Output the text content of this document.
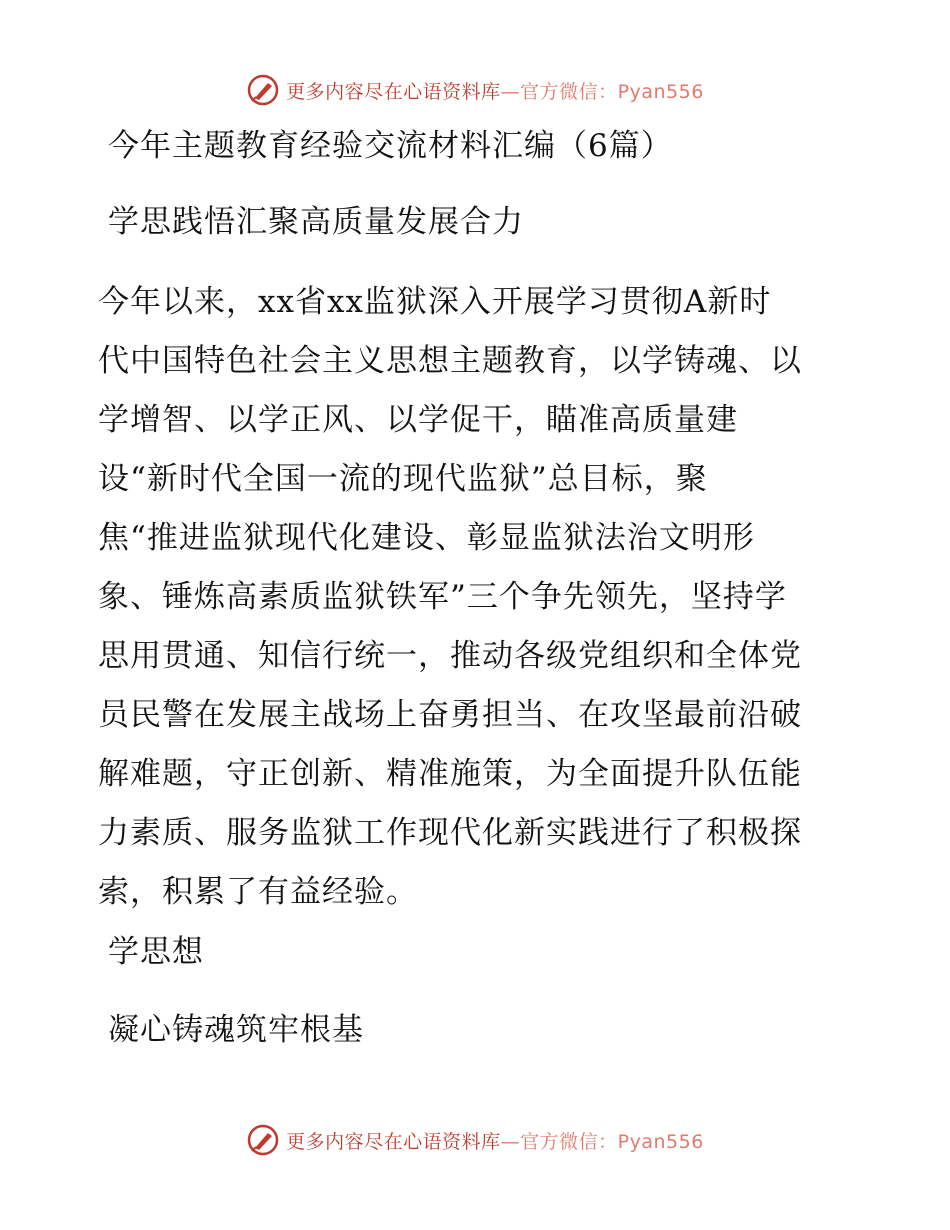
更多内容尽在心语资料库—官方微信：Pyan556
今年主题教育经验交流材料汇编（6篇）
学思践悟汇聚高质量发展合力
今年以来，xx省xx监狱深入开展学习贯彻A新时
代中国特色社会主义思想主题教育，以学铸魂、以
学增智、以学正风、以学促干，瞄准高质量建
设“新时代全国一流的现代监狱”总目标，聚
焦“推进监狱现代化建设、彰显监狱法治文明形
象、锤炼高素质监狱铁军”三个争先领先，坚持学
思用贯通、知信行统一，推动各级党组织和全体党
员民警在发展主战场上奋勇担当、在攻坚最前沿破
解难题，守正创新、精准施策，为全面提升队伍能
力素质、服务监狱工作现代化新实践进行了积极探
索，积累了有益经验。
学思想
凝心铸魂筑牢根基
更多内容尽在心语资料库—官方微信：Pyan556
